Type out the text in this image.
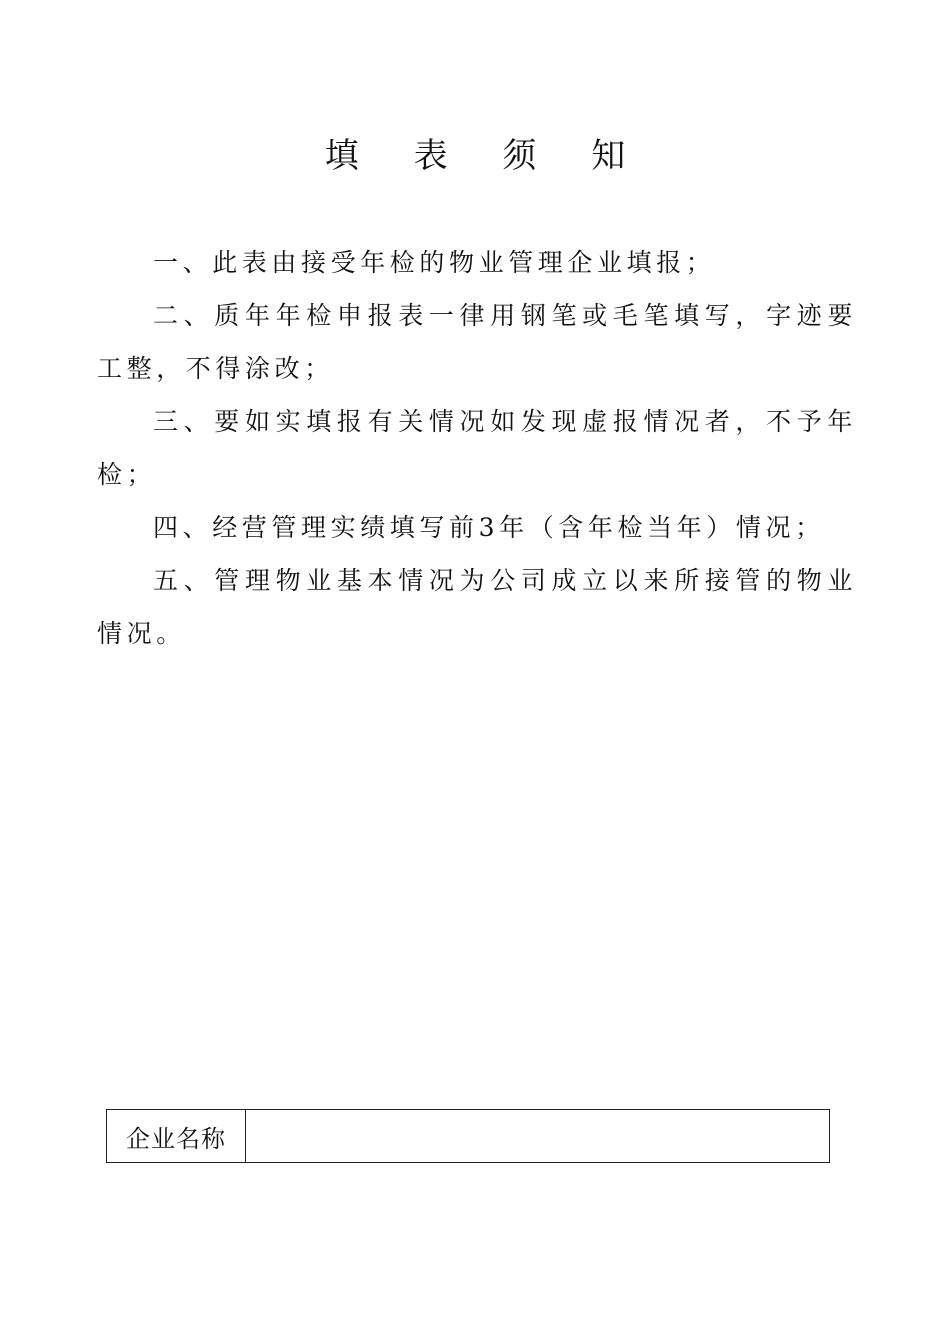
填 表 须 知

一、此表由接受年检的物业管理企业填报；

二、质年年检申报表一律用钢笔或毛笔填写，字迹要工整，不得涂改；

三、要如实填报有关情况如发现虚报情况者，不予年检；

四、经营管理实绩填写前3年（含年检当年）情况；

五、管理物业基本情况为公司成立以来所接管的物业情况。

企业名称	
